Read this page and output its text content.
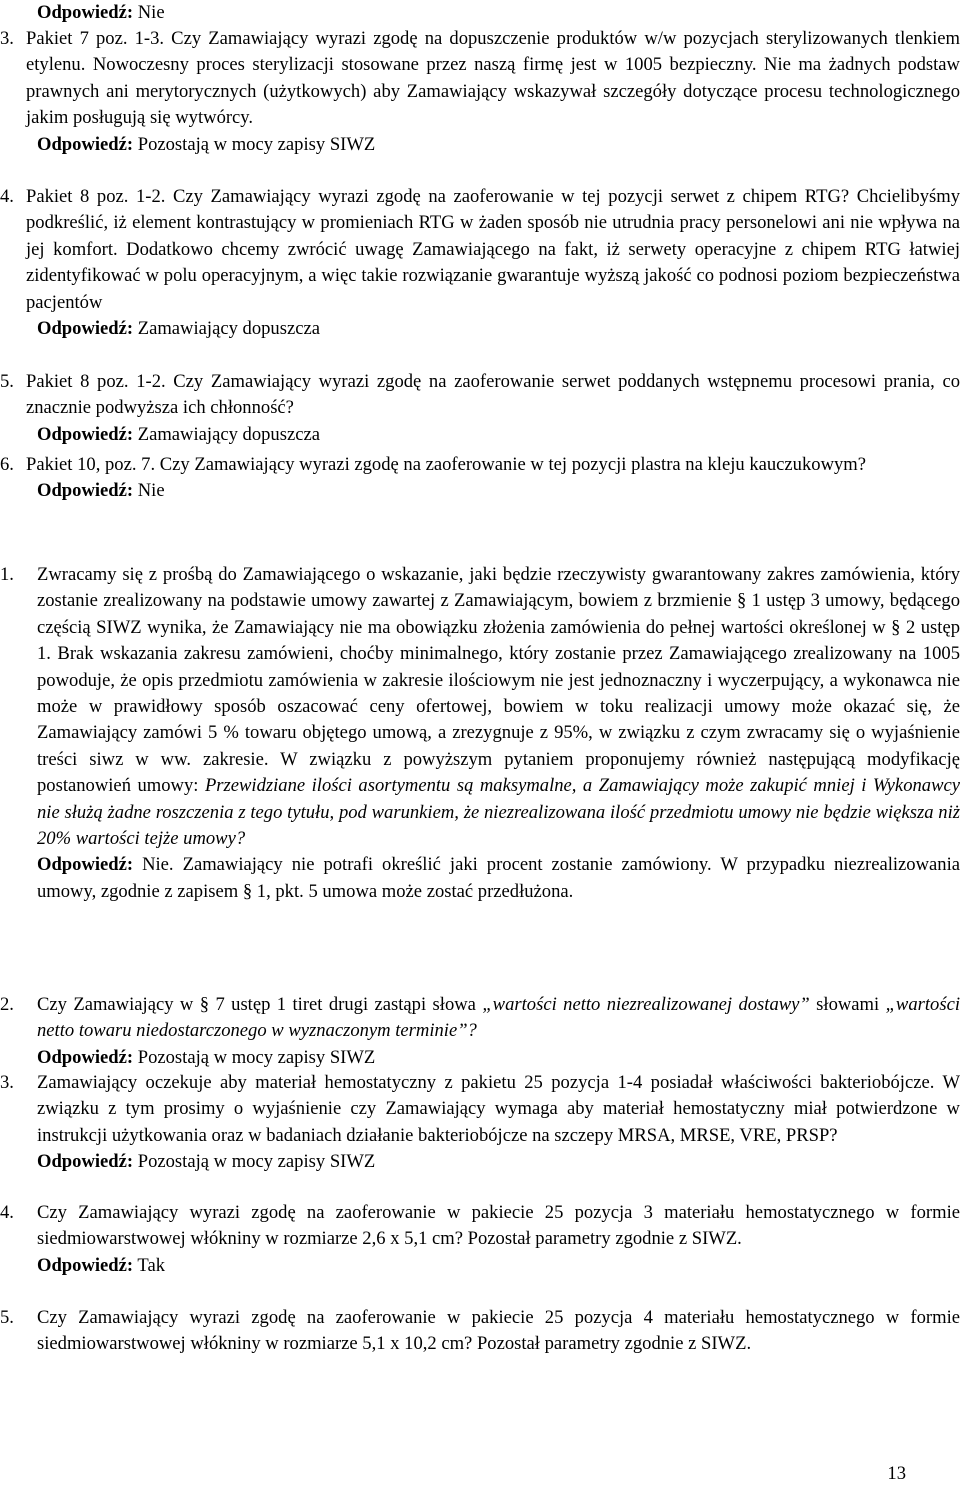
Odpowiedź: Nie
3. Pakiet 7 poz. 1-3. Czy Zamawiający wyrazi zgodę na dopuszczenie produktów w/w pozycjach sterylizowanych tlenkiem etylenu. Nowoczesny proces sterylizacji stosowane przez naszą firmę jest w 1005 bezpieczny. Nie ma żadnych podstaw prawnych ani merytorycznych (użytkowych) aby Zamawiający wskazywał szczegóły dotyczące procesu technologicznego jakim posługują się wytwórcy.
Odpowiedź: Pozostają w mocy zapisy SIWZ
4. Pakiet 8 poz. 1-2. Czy Zamawiający wyrazi zgodę na zaoferowanie w tej pozycji serwet z chipem RTG? Chcielibyśmy podkreślić, iż element kontrastujący w promieniach RTG w żaden sposób nie utrudnia pracy personelowi ani nie wpływa na jej komfort. Dodatkowo chcemy zwrócić uwagę Zamawiającego na fakt, iż serwety operacyjne z chipem RTG łatwiej zidentyfikować w polu operacyjnym, a więc takie rozwiązanie gwarantuje wyższą jakość co podnosi poziom bezpieczeństwa pacjentów
Odpowiedź: Zamawiający dopuszcza
5. Pakiet 8 poz. 1-2. Czy Zamawiający wyrazi zgodę na zaoferowanie serwet poddanych wstępnemu procesowi prania, co znacznie podwyższa ich chłonność?
Odpowiedź: Zamawiający dopuszcza
6. Pakiet 10, poz. 7. Czy Zamawiający wyrazi zgodę na zaoferowanie w tej pozycji plastra na kleju kauczukowym?
Odpowiedź: Nie
1. Zwracamy się z prośbą do Zamawiającego o wskazanie, jaki będzie rzeczywisty gwarantowany zakres zamówienia, który zostanie zrealizowany na podstawie umowy zawartej z Zamawiającym, bowiem z brzmienie § 1 ustęp 3 umowy, będącego częścią SIWZ wynika, że Zamawiający nie ma obowiązku złożenia zamówienia do pełnej wartości określonej w § 2 ustęp 1. Brak wskazania zakresu zamówieni, choćby minimalnego, który zostanie przez Zamawiającego zrealizowany na 1005 powoduje, że opis przedmiotu zamówienia w zakresie ilościowym nie jest jednoznaczny i wyczerpujący, a wykonawca nie może w prawidłowy sposób oszacować ceny ofertowej, bowiem w toku realizacji umowy może okazać się, że Zamawiający zamówi 5 % towaru objętego umową, a zrezygnuje z 95%, w związku z czym zwracamy się o wyjaśnienie treści siwz w ww. zakresie. W związku z powyższym pytaniem proponujemy również następującą modyfikację postanowień umowy: Przewidziane ilości asortymentu są maksymalne, a Zamawiający może zakupić mniej i Wykonawcy nie służą żadne roszczenia z tego tytułu, pod warunkiem, że niezrealizowana ilość przedmiotu umowy nie będzie większa niż 20% wartości tejże umowy?
Odpowiedź: Nie. Zamawiający nie potrafi określić jaki procent zostanie zamówiony. W przypadku niezrealizowania umowy, zgodnie z zapisem § 1, pkt. 5 umowa może zostać przedłużona.
2. Czy Zamawiający w § 7 ustęp 1 tiret drugi zastąpi słowa „wartości netto niezrealizowanej dostawy” słowami „wartości netto towaru niedostarczonego w wyznaczonym terminie”?
Odpowiedź: Pozostają w mocy zapisy SIWZ
3. Zamawiający oczekuje aby materiał hemostatyczny z pakietu 25 pozycja 1-4 posiadał właściwości bakteriobójcze. W związku z tym prosimy o wyjaśnienie czy Zamawiający wymaga aby materiał hemostatyczny miał potwierdzone w instrukcji użytkowania oraz w badaniach działanie bakteriobójcze na szczepy MRSA, MRSE, VRE, PRSP?
Odpowiedź: Pozostają w mocy zapisy SIWZ
4. Czy Zamawiający wyrazi zgodę na zaoferowanie w pakiecie 25 pozycja 3 materiału hemostatycznego w formie siedmiowarstwowej włókniny w rozmiarze 2,6 x 5,1 cm? Pozostał parametry zgodnie z SIWZ.
Odpowiedź: Tak
5. Czy Zamawiający wyrazi zgodę na zaoferowanie w pakiecie 25 pozycja 4 materiału hemostatycznego w formie siedmiowarstwowej włókniny w rozmiarze 5,1 x 10,2 cm? Pozostał parametry zgodnie z SIWZ.
13
